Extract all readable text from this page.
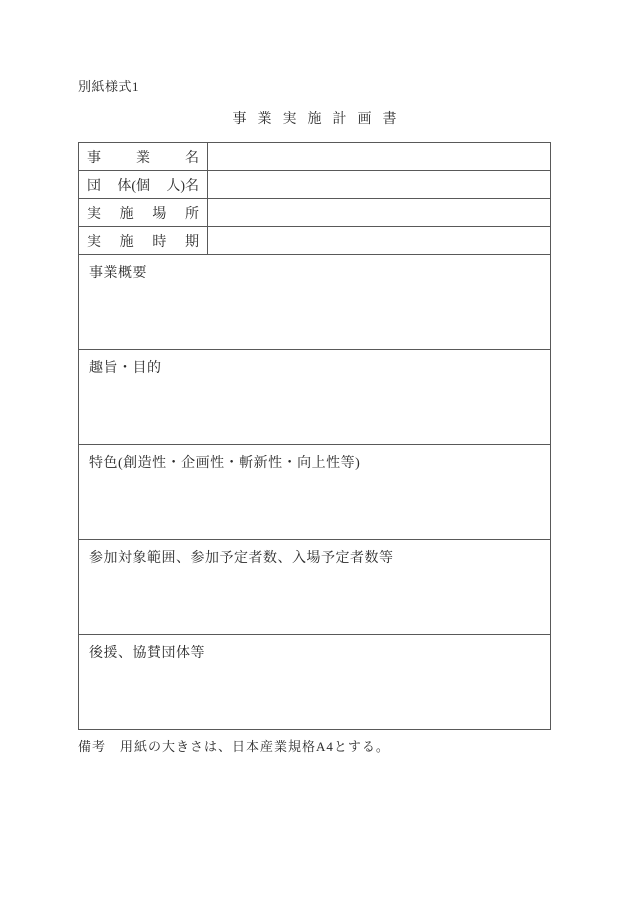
別紙様式1
事業実施計画書
事	業	名
団 体(個 人)名
実 施 場 所
実 施 時 期
事業概要
趣旨・目的
特色(創造性・企画性・斬新性・向上性等)
参加対象範囲、参加予定者数、入場予定者数等
後援、協賛団体等
備考　用紙の大きさは、日本産業規格A4とする。
